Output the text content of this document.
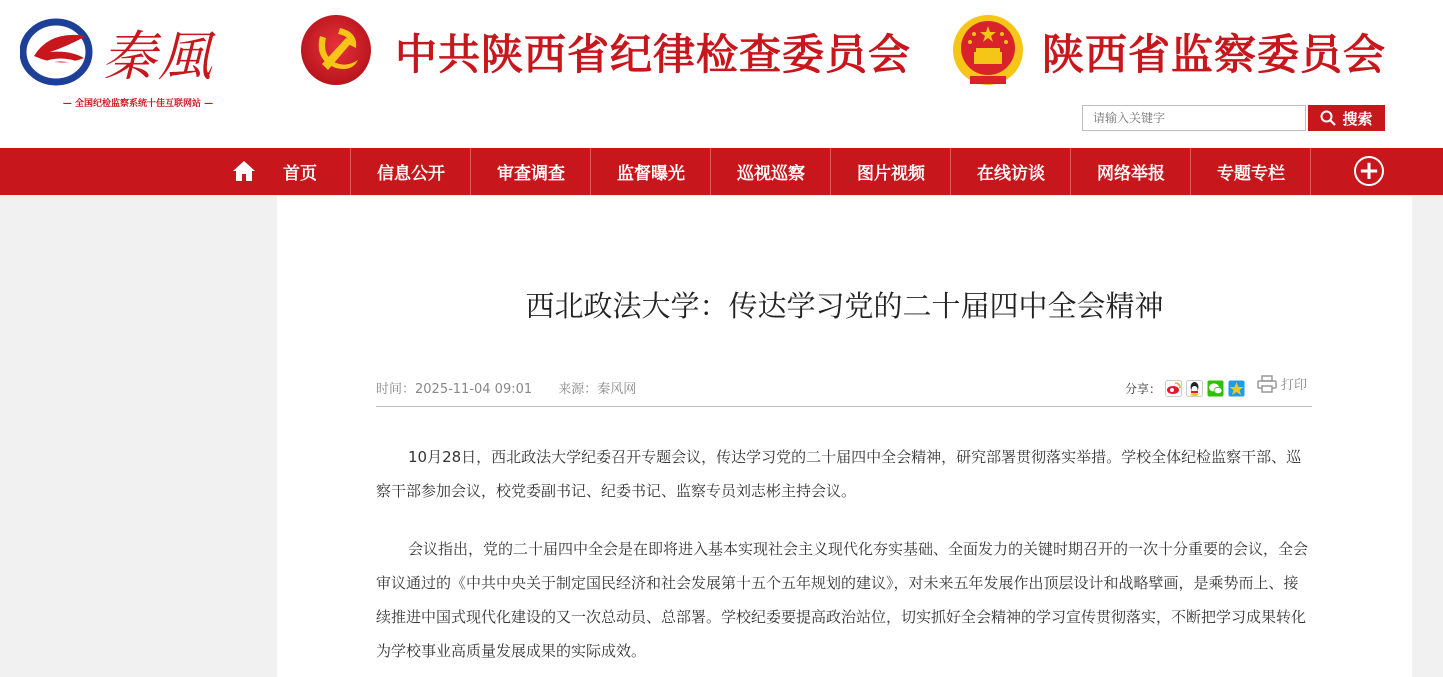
秦風
— 全国纪检监察系统十佳互联网站 —
中共陕西省纪律检查委员会	陕西省监察委员会
请输入关键字
搜索
首页	信息公开	审查调查	监督曝光	巡视巡察	图片视频	在线访谈	网络举报	专题专栏	+
西北政法大学：传达学习党的二十届四中全会精神
时间：2025-11-04 09:01 来源：秦风网	分享：	打印
10月28日，西北政法大学纪委召开专题会议，传达学习党的二十届四中全会精神，研究部署贯彻落实举措。学校全体纪检监察干部、巡察干部参加会议，校党委副书记、纪委书记、监察专员刘志彬主持会议。
会议指出，党的二十届四中全会是在即将进入基本实现社会主义现代化夯实基础、全面发力的关键时期召开的一次十分重要的会议，全会审议通过的《中共中央关于制定国民经济和社会发展第十五个五年规划的建议》，对未来五年发展作出顶层设计和战略擘画，是乘势而上、接续推进中国式现代化建设的又一次总动员、总部署。学校纪委要提高政治站位，切实抓好全会精神的学习宣传贯彻落实，不断把学习成果转化为学校事业高质量发展成果的实际成效。
